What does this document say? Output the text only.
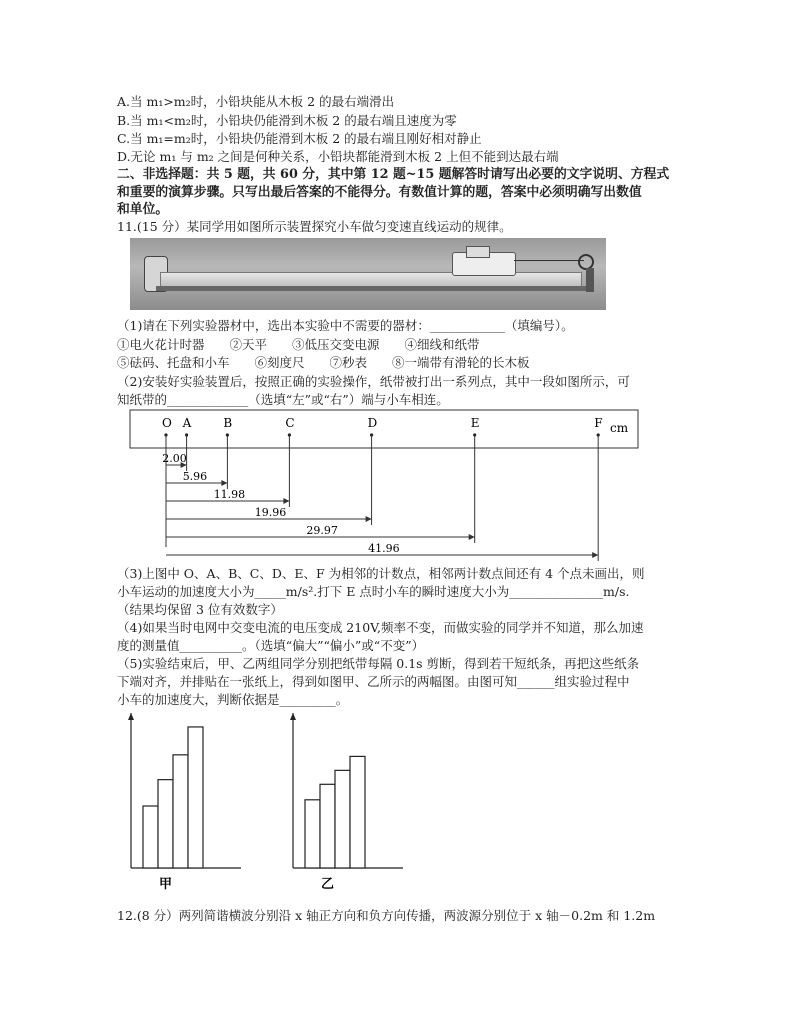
A.当 m₁>m₂时，小铅块能从木板 2 的最右端滑出
B.当 m₁<m₂时，小铅块仍能滑到木板 2 的最右端且速度为零
C.当 m₁=m₂时，小铅块仍能滑到木板 2 的最右端且刚好相对静止
D.无论 m₁ 与 m₂ 之间是何种关系，小铅块都能滑到木板 2 上但不能到达最右端
二、非选择题：共 5 题，共 60 分，其中第 12 题~15 题解答时请写出必要的文字说明、方程式
和重要的演算步骤。只写出最后答案的不能得分。有数值计算的题，答案中必须明确写出数值
和单位。
11.(15 分）某同学用如图所示装置探究小车做匀变速直线运动的规律。
（1)请在下列实验器材中，选出本实验中不需要的器材：____________（填编号）。
①电火花计时器　　②天平　　③低压交变电源　　④细线和纸带
⑤砝码、托盘和小车　　⑥刻度尺　　⑦秒表　　⑧一端带有滑轮的长木板
（2)安装好实验装置后，按照正确的实验操作，纸带被打出一系列点，其中一段如图所示，可
知纸带的_____________（选填“左”或“右”）端与小车相连。
O A	B	C	D	E	F cm
2.00
5.96
11.98
19.96
29.97
41.96
（3)上图中 O、A、B、C、D、E、F 为相邻的计数点，相邻两计数点间还有 4 个点未画出，则
小车运动的加速度大小为_____m/s².打下 E 点时小车的瞬时速度大小为_______________m/s.
（结果均保留 3 位有效数字）
（4)如果当时电网中交变电流的电压变成 210V,频率不变，而做实验的同学并不知道，那么加速
度的测量值__________。（选填“偏大”“偏小”或“不变”）
（5)实验结束后，甲、乙两组同学分别把纸带每隔 0.1s 剪断，得到若干短纸条，再把这些纸条
下端对齐，并排贴在一张纸上，得到如图甲、乙所示的两幅图。由图可知______组实验过程中
小车的加速度大，判断依据是_________。
甲	乙
12.(8 分）两列简谐横波分别沿 x 轴正方向和负方向传播，两波源分别位于 x 轴－0.2m 和 1.2m
